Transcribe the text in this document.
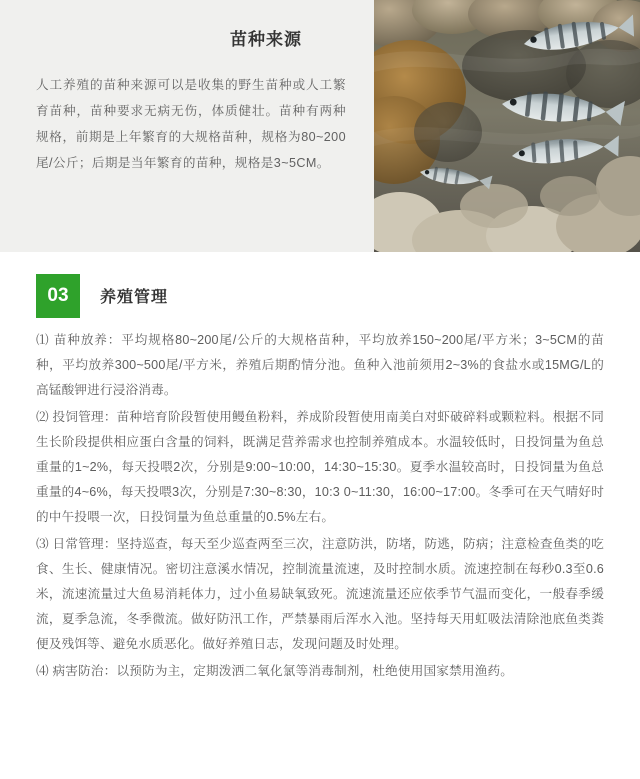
苗种来源

人工养殖的苗种来源可以是收集的野生苗种或人工繁育苗种，苗种要求无病无伤，体质健壮。苗种有两种规格，前期是上年繁育的大规格苗种，规格为80~200尾/公斤；后期是当年繁育的苗种，规格是3~5CM。

03	养殖管理

⑴ 苗种放养：平均规格80~200尾/公斤的大规格苗种，平均放养150~200尾/平方米；3~5CM的苗种，平均放养300~500尾/平方米，养殖后期酌情分池。鱼种入池前须用2~3%的食盐水或15MG/L的高锰酸钾进行浸浴消毒。

⑵ 投饲管理：苗种培育阶段暂使用鳗鱼粉料，养成阶段暂使用南美白对虾破碎料或颗粒料。根据不同生长阶段提供相应蛋白含量的饲料，既满足营养需求也控制养殖成本。水温较低时，日投饲量为鱼总重量的1~2%，每天投喂2次，分别是9:00~10:00，14:30~15:30。夏季水温较高时，日投饲量为鱼总重量的4~6%，每天投喂3次，分别是7:30~8:30，10:3 0~11:30，16:00~17:00。冬季可在天气晴好时的中午投喂一次，日投饲量为鱼总重量的0.5%左右。

⑶ 日常管理：坚持巡查，每天至少巡查两至三次，注意防洪，防堵，防逃，防病；注意检查鱼类的吃食、生长、健康情况。密切注意溪水情况，控制流量流速，及时控制水质。流速控制在每秒0.3至0.6米，流速流量过大鱼易消耗体力，过小鱼易缺氧致死。流速流量还应依季节气温而变化，一般春季缓流，夏季急流，冬季微流。做好防汛工作，严禁暴雨后浑水入池。坚持每天用虹吸法清除池底鱼类粪便及残饵等、避免水质恶化。做好养殖日志，发现问题及时处理。

⑷ 病害防治：以预防为主，定期泼洒二氧化氯等消毒制剂，杜绝使用国家禁用渔药。
